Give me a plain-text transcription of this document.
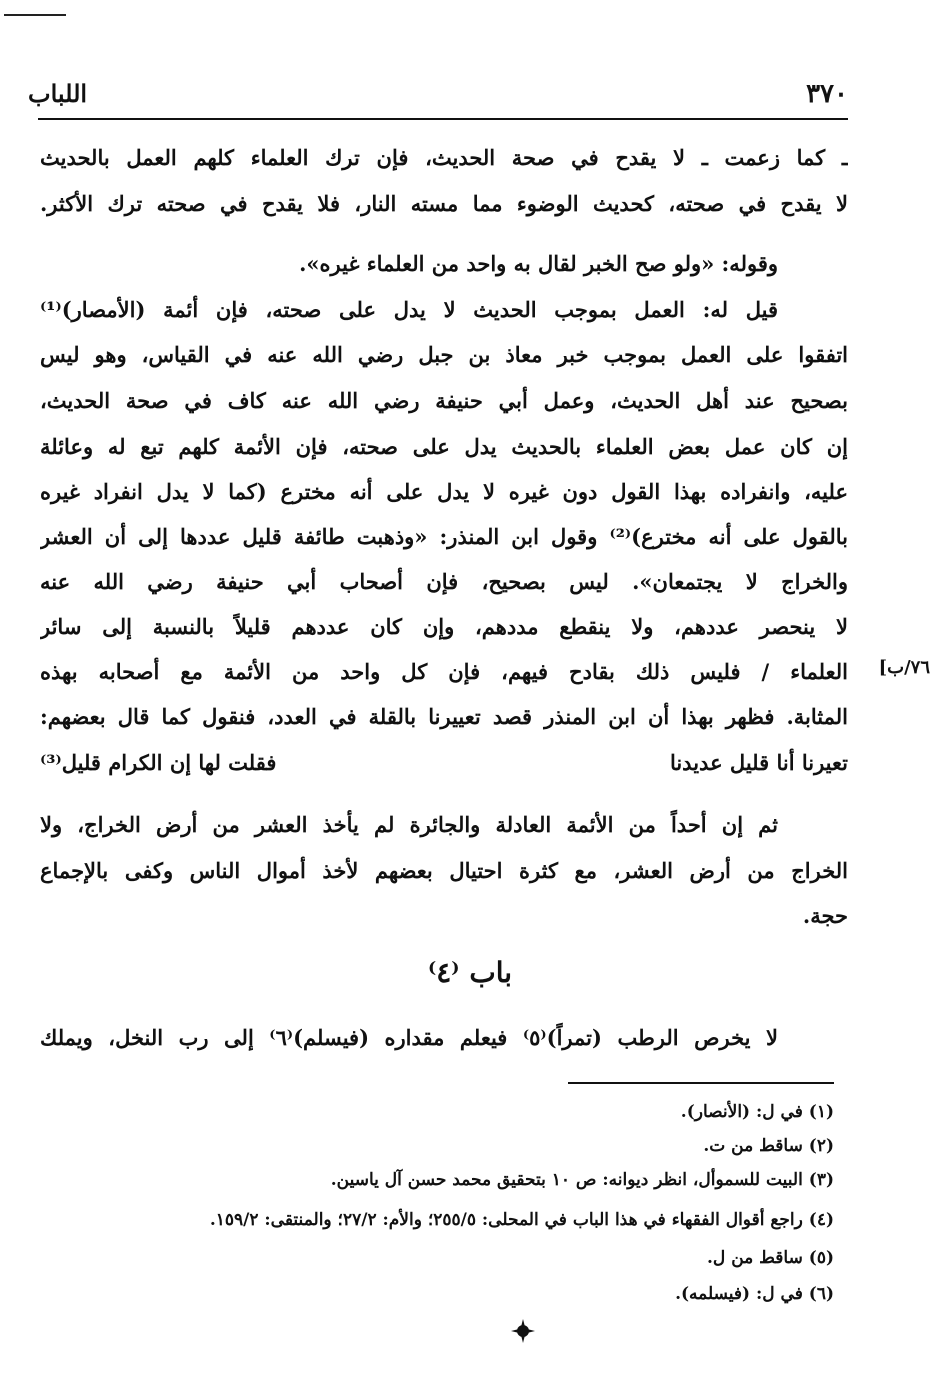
٣٧٠
اللباب
ـ كما زعمت ـ لا يقدح في صحة الحديث، فإن ترك العلماء كلهم العمل بالحديث
لا يقدح في صحته، كحديث الوضوء مما مسته النار، فلا يقدح في صحته ترك الأكثر.
وقوله: «ولو صح الخبر لقال به واحد من العلماء غيره».
قيل له: العمل بموجب الحديث لا يدل على صحته، فإن أئمة (الأمصار)⁽¹⁾
اتفقوا على العمل بموجب خبر معاذ بن جبل رضي الله عنه في القياس، وهو ليس
بصحيح عند أهل الحديث، وعمل أبي حنيفة رضي الله عنه كاف في صحة الحديث،
إن كان عمل بعض العلماء بالحديث يدل على صحته، فإن الأئمة كلهم تبع له وعائلة
عليه، وانفراده بهذا القول دون غيره لا يدل على أنه مخترع (كما لا يدل انفراد غيره
بالقول على أنه مخترع)⁽²⁾ وقول ابن المنذر: «وذهبت طائفة قليل عددها إلى أن العشر
والخراج لا يجتمعان». ليس بصحيح، فإن أصحاب أبي حنيفة رضي الله عنه
لا ينحصر عددهم، ولا ينقطع مددهم، وإن كان عددهم قليلاً بالنسبة إلى سائر
العلماء / فليس ذلك بقادح فيهم، فإن كل واحد من الأئمة مع أصحابه بهذه
المثابة. فظهر بهذا أن ابن المنذر قصد تعييرنا بالقلة في العدد، فنقول كما قال بعضهم:
تعيرنا أنا قليل عديدنا
فقلت لها إن الكرام قليل⁽³⁾
ثم إن أحداً من الأئمة العادلة والجائرة لم يأخذ العشر من أرض الخراج، ولا
الخراج من أرض العشر، مع كثرة احتيال بعضهم لأخذ أموال الناس وكفى بالإجماع
حجة.
٧٦/ب]
باب ⁽٤⁾
لا يخرص الرطب (تمراً)⁽٥⁾ فيعلم مقداره (فيسلم)⁽٦⁾ إلى رب النخل، ويملك
(١) في ل: (الأنصار).
(٢) ساقط من ت.
(٣) البيت للسموأل، انظر ديوانه: ص ١٠ بتحقيق محمد حسن آل ياسين.
(٤) راجع أقوال الفقهاء في هذا الباب في المحلى: ٢٥٥/٥؛ والأم: ٢٧/٢؛ والمنتقى: ١٥٩/٢.
(٥) ساقط من ل.
(٦) في ل: (فيسلمه).
